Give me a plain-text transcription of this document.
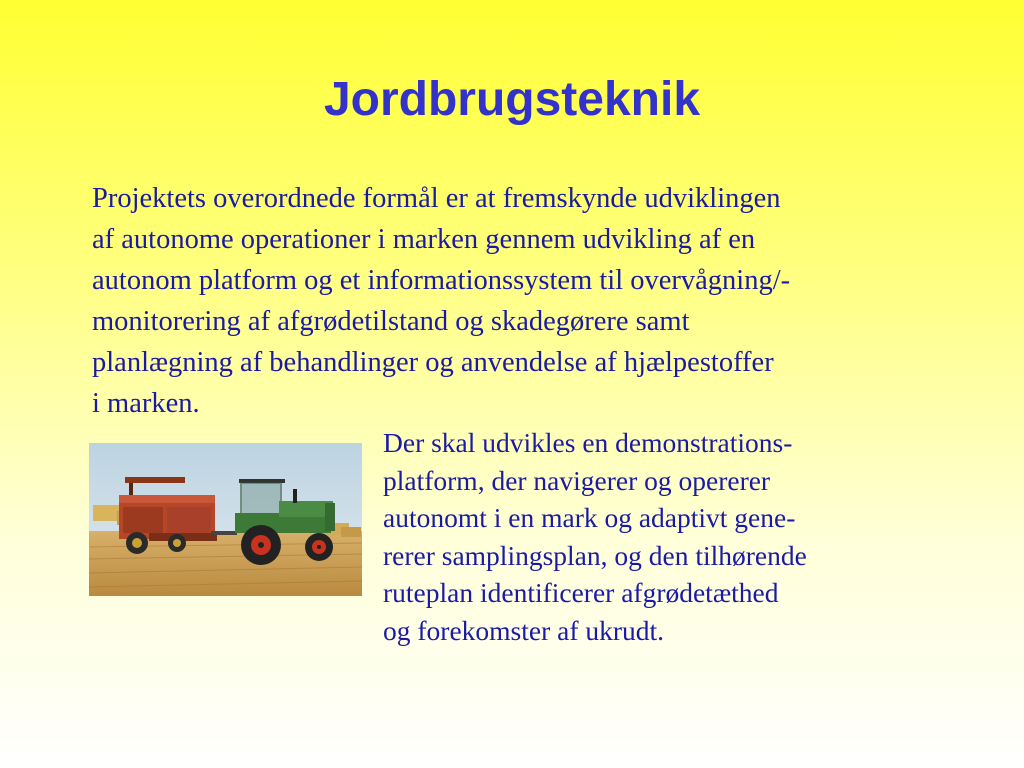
Jordbrugsteknik

Projektets overordnede formål er at fremskynde udviklingen
af autonome operationer i marken gennem udvikling af en
autonom platform og et informationssystem til overvågning/-
monitorering af afgrødetilstand og skadegørere samt
planlægning af behandlinger og anvendelse af hjælpestoffer
i marken.

Der skal udvikles en demonstrations-
platform, der navigerer og opererer
autonomt i en mark og adaptivt gene-
rerer samplingsplan, og den tilhørende
ruteplan identificerer afgrødetæthed
og forekomster af ukrudt.
